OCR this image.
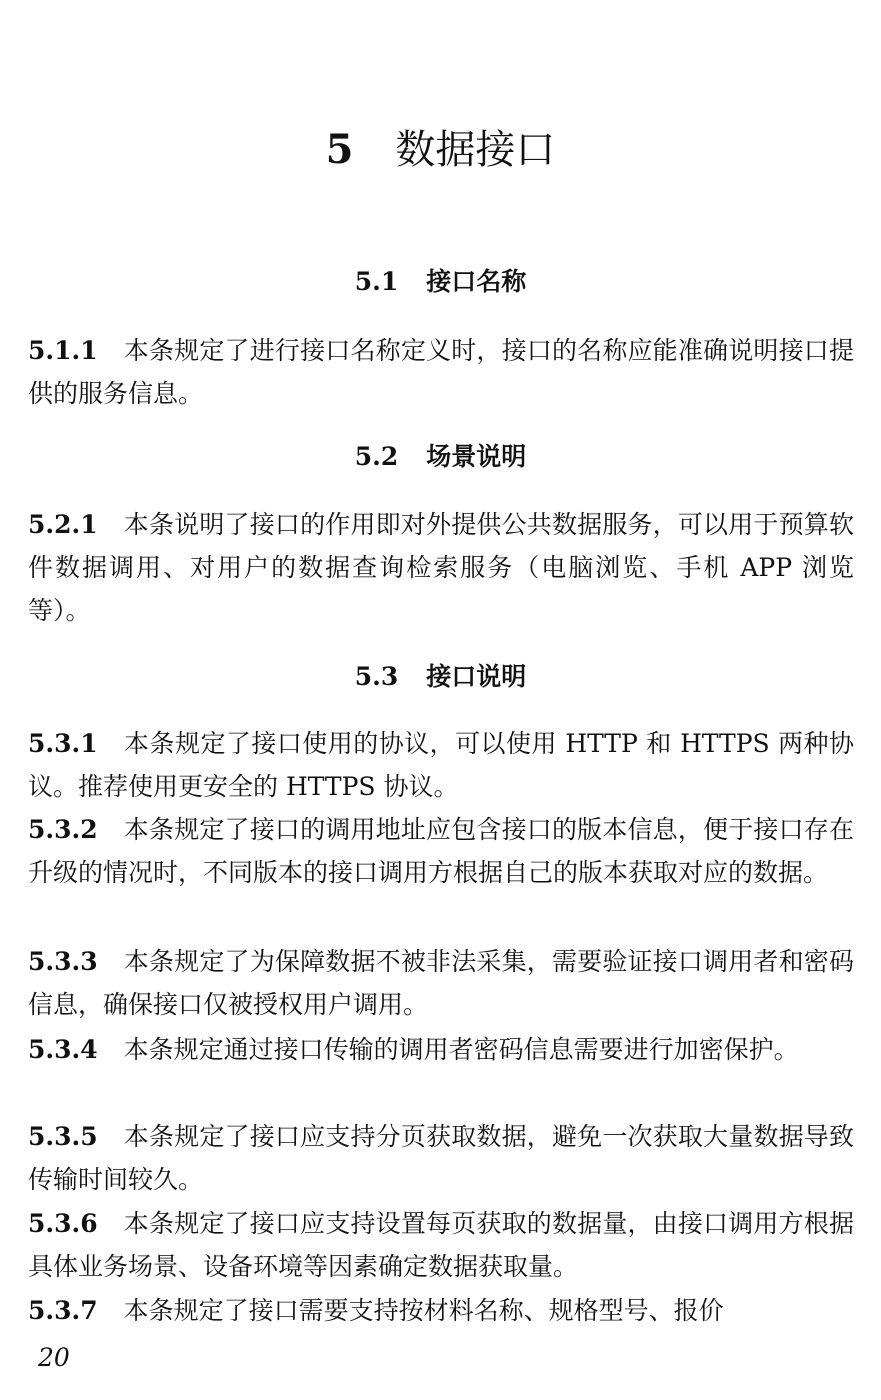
5 数据接口
5.1 接口名称

5.1.1 本条规定了进行接口名称定义时，接口的名称应能准确说明接口提供的服务信息。

5.2 场景说明

5.2.1 本条说明了接口的作用即对外提供公共数据服务，可以用于预算软件数据调用、对用户的数据查询检索服务（电脑浏览、手机 APP 浏览等）。

5.3 接口说明

5.3.1 本条规定了接口使用的协议，可以使用 HTTP 和 HTTPS 两种协议。推荐使用更安全的 HTTPS 协议。

5.3.2 本条规定了接口的调用地址应包含接口的版本信息，便于接口存在升级的情况时，不同版本的接口调用方根据自己的版本获取对应的数据。

5.3.3 本条规定了为保障数据不被非法采集，需要验证接口调用者和密码信息，确保接口仅被授权用户调用。

5.3.4 本条规定通过接口传输的调用者密码信息需要进行加密保护。

5.3.5 本条规定了接口应支持分页获取数据，避免一次获取大量数据导致传输时间较久。

5.3.6 本条规定了接口应支持设置每页获取的数据量，由接口调用方根据具体业务场景、设备环境等因素确定数据获取量。

5.3.7 本条规定了接口需要支持按材料名称、规格型号、报价

20
